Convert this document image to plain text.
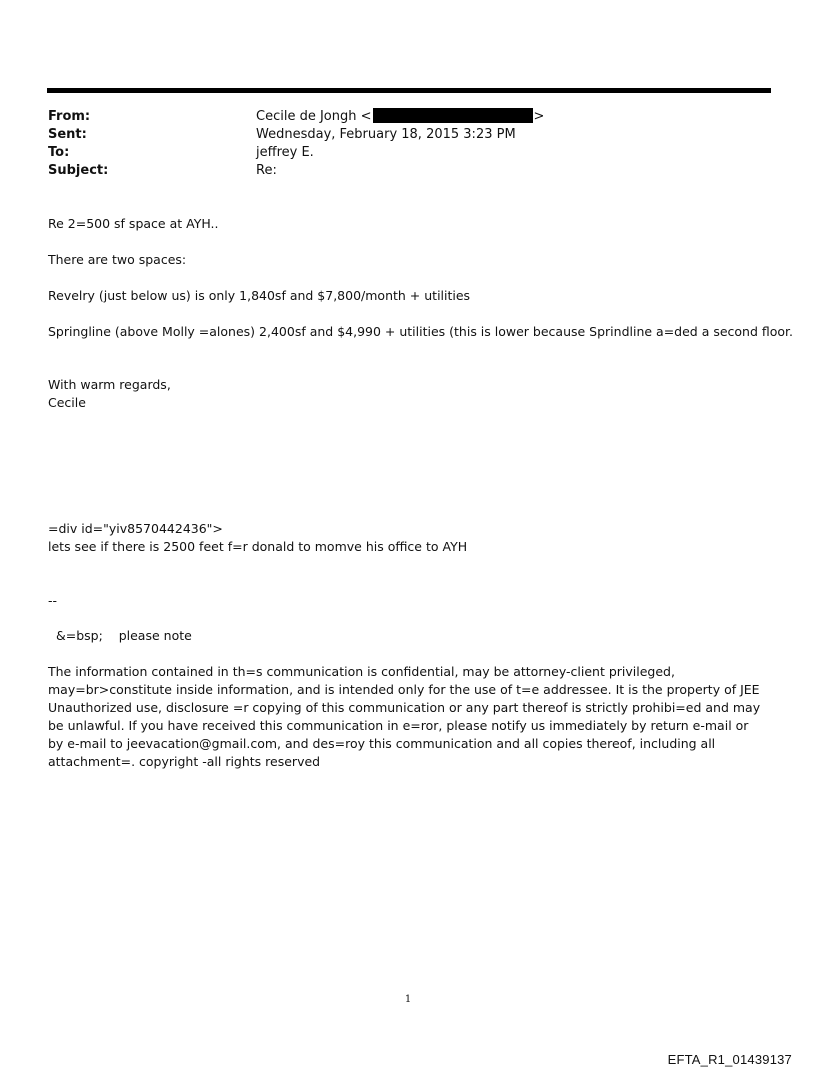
From:	Cecile de Jongh <	>
Sent:	Wednesday, February 18, 2015 3:23 PM
To:	jeffrey E.
Subject:	Re:
Re 2=500 sf space at AYH..
There are two spaces:
Revelry (just below us) is only 1,840sf and $7,800/month + utilities
Springline (above Molly =alones) 2,400sf and $4,990 + utilities (this is lower because Sprindline a=ded a second floor.
With warm regards,
Cecile
=div id="yiv8570442436">
lets see if there is 2500 feet f=r donald to momve his office to AYH
--
&=bsp;    please note
The information contained in th=s communication is confidential, may be attorney-client privileged, may=br>constitute inside information, and is intended only for the use of t=e addressee. It is the property of JEE Unauthorized use, disclosure =r copying of this communication or any part thereof is strictly prohibi=ed and may be unlawful. If you have received this communication in e=ror, please notify us immediately by return e-mail or by e-mail to jeevacation@gmail.com, and des=roy this communication and all copies thereof, including all attachment=. copyright -all rights reserved
1
EFTA_R1_01439137
